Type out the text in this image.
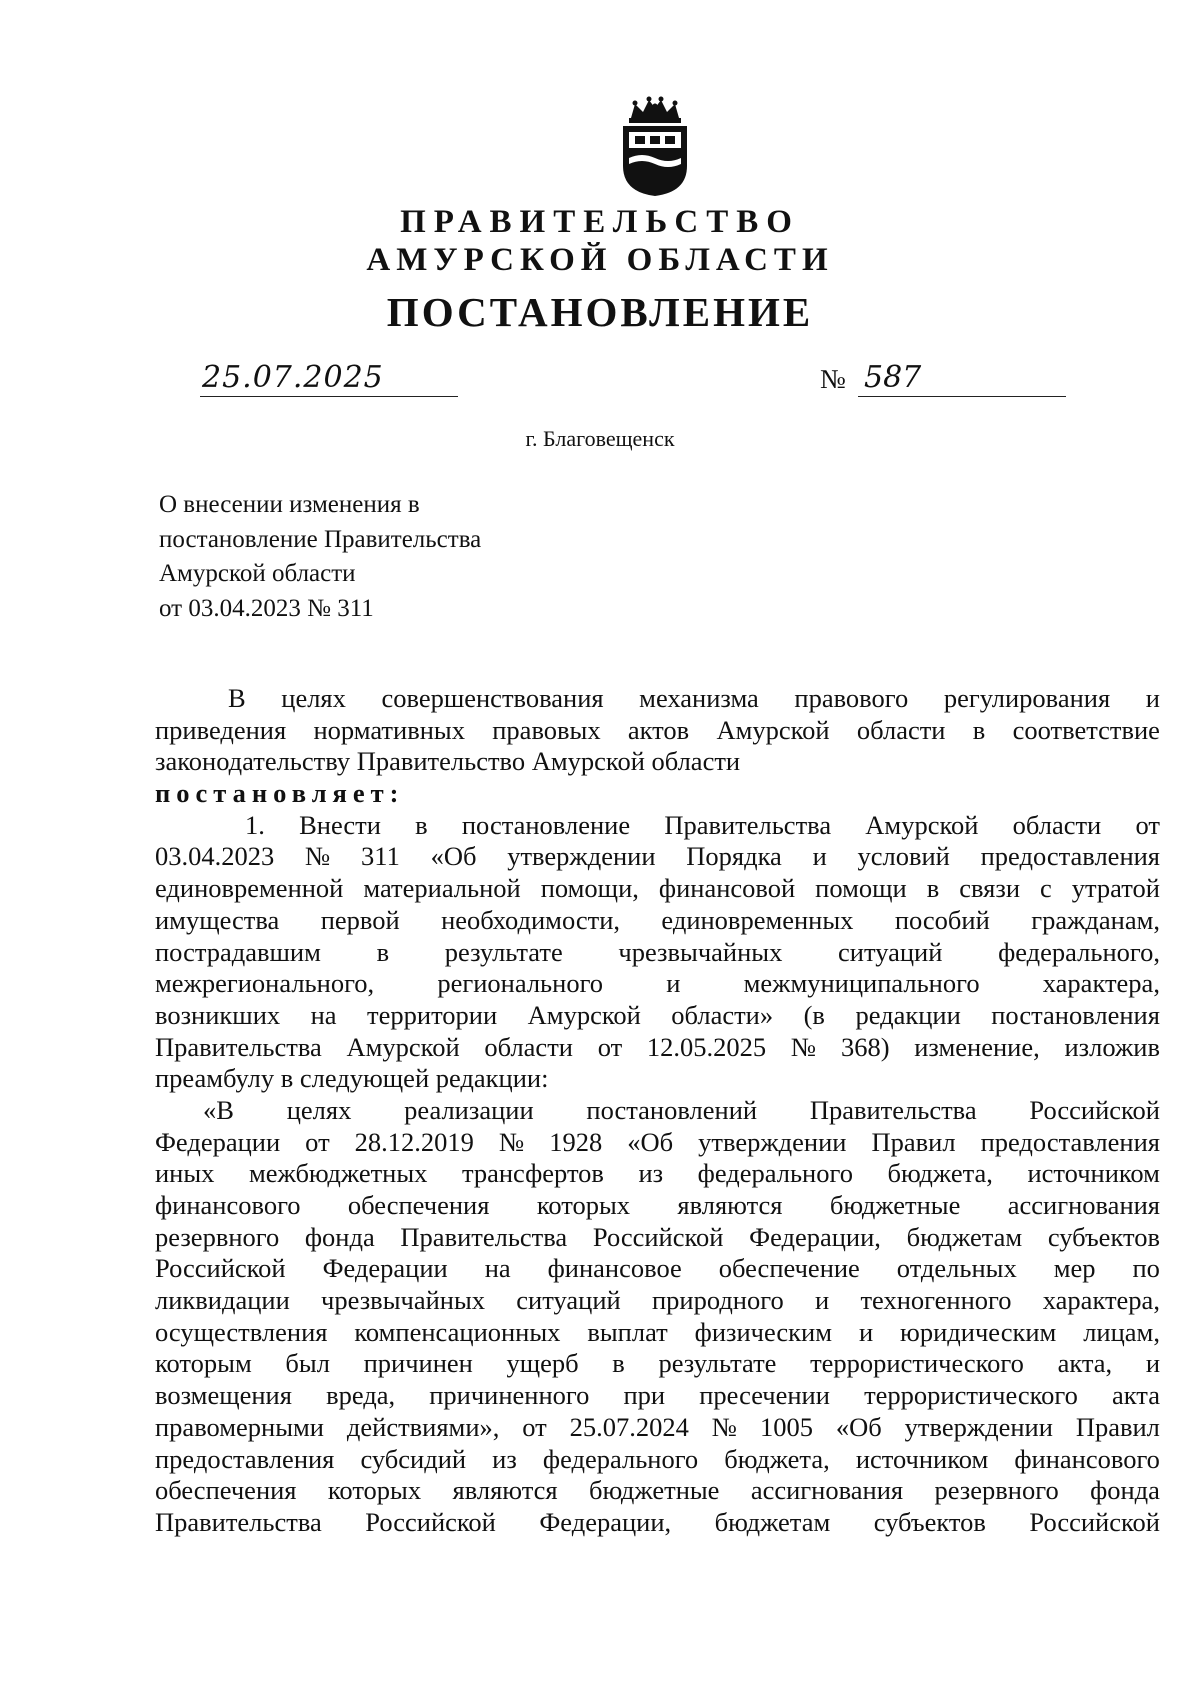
ПРАВИТЕЛЬСТВО
АМУРСКОЙ ОБЛАСТИ
ПОСТАНОВЛЕНИЕ
25.07.2025	№ 587
г. Благовещенск
О внесении изменения в
постановление Правительства
Амурской области
от 03.04.2023 № 311
В целях совершенствования механизма правового регулирования и
приведения нормативных правовых актов Амурской области в соответствие
законодательству Правительство Амурской области
постановляет:
1. Внести в постановление Правительства Амурской области от
03.04.2023 № 311 «Об утверждении Порядка и условий предоставления
единовременной материальной помощи, финансовой помощи в связи с утратой
имущества первой необходимости, единовременных пособий гражданам,
пострадавшим в результате чрезвычайных ситуаций федерального,
межрегионального, регионального и межмуниципального характера,
возникших на территории Амурской области» (в редакции постановления
Правительства Амурской области от 12.05.2025 № 368) изменение, изложив
преамбулу в следующей редакции:
«В целях реализации постановлений Правительства Российской
Федерации от 28.12.2019 № 1928 «Об утверждении Правил предоставления
иных межбюджетных трансфертов из федерального бюджета, источником
финансового обеспечения которых являются бюджетные ассигнования
резервного фонда Правительства Российской Федерации, бюджетам субъектов
Российской Федерации на финансовое обеспечение отдельных мер по
ликвидации чрезвычайных ситуаций природного и техногенного характера,
осуществления компенсационных выплат физическим и юридическим лицам,
которым был причинен ущерб в результате террористического акта, и
возмещения вреда, причиненного при пресечении террористического акта
правомерными действиями», от 25.07.2024 № 1005 «Об утверждении Правил
предоставления субсидий из федерального бюджета, источником финансового
обеспечения которых являются бюджетные ассигнования резервного фонда
Правительства Российской Федерации, бюджетам субъектов Российской
